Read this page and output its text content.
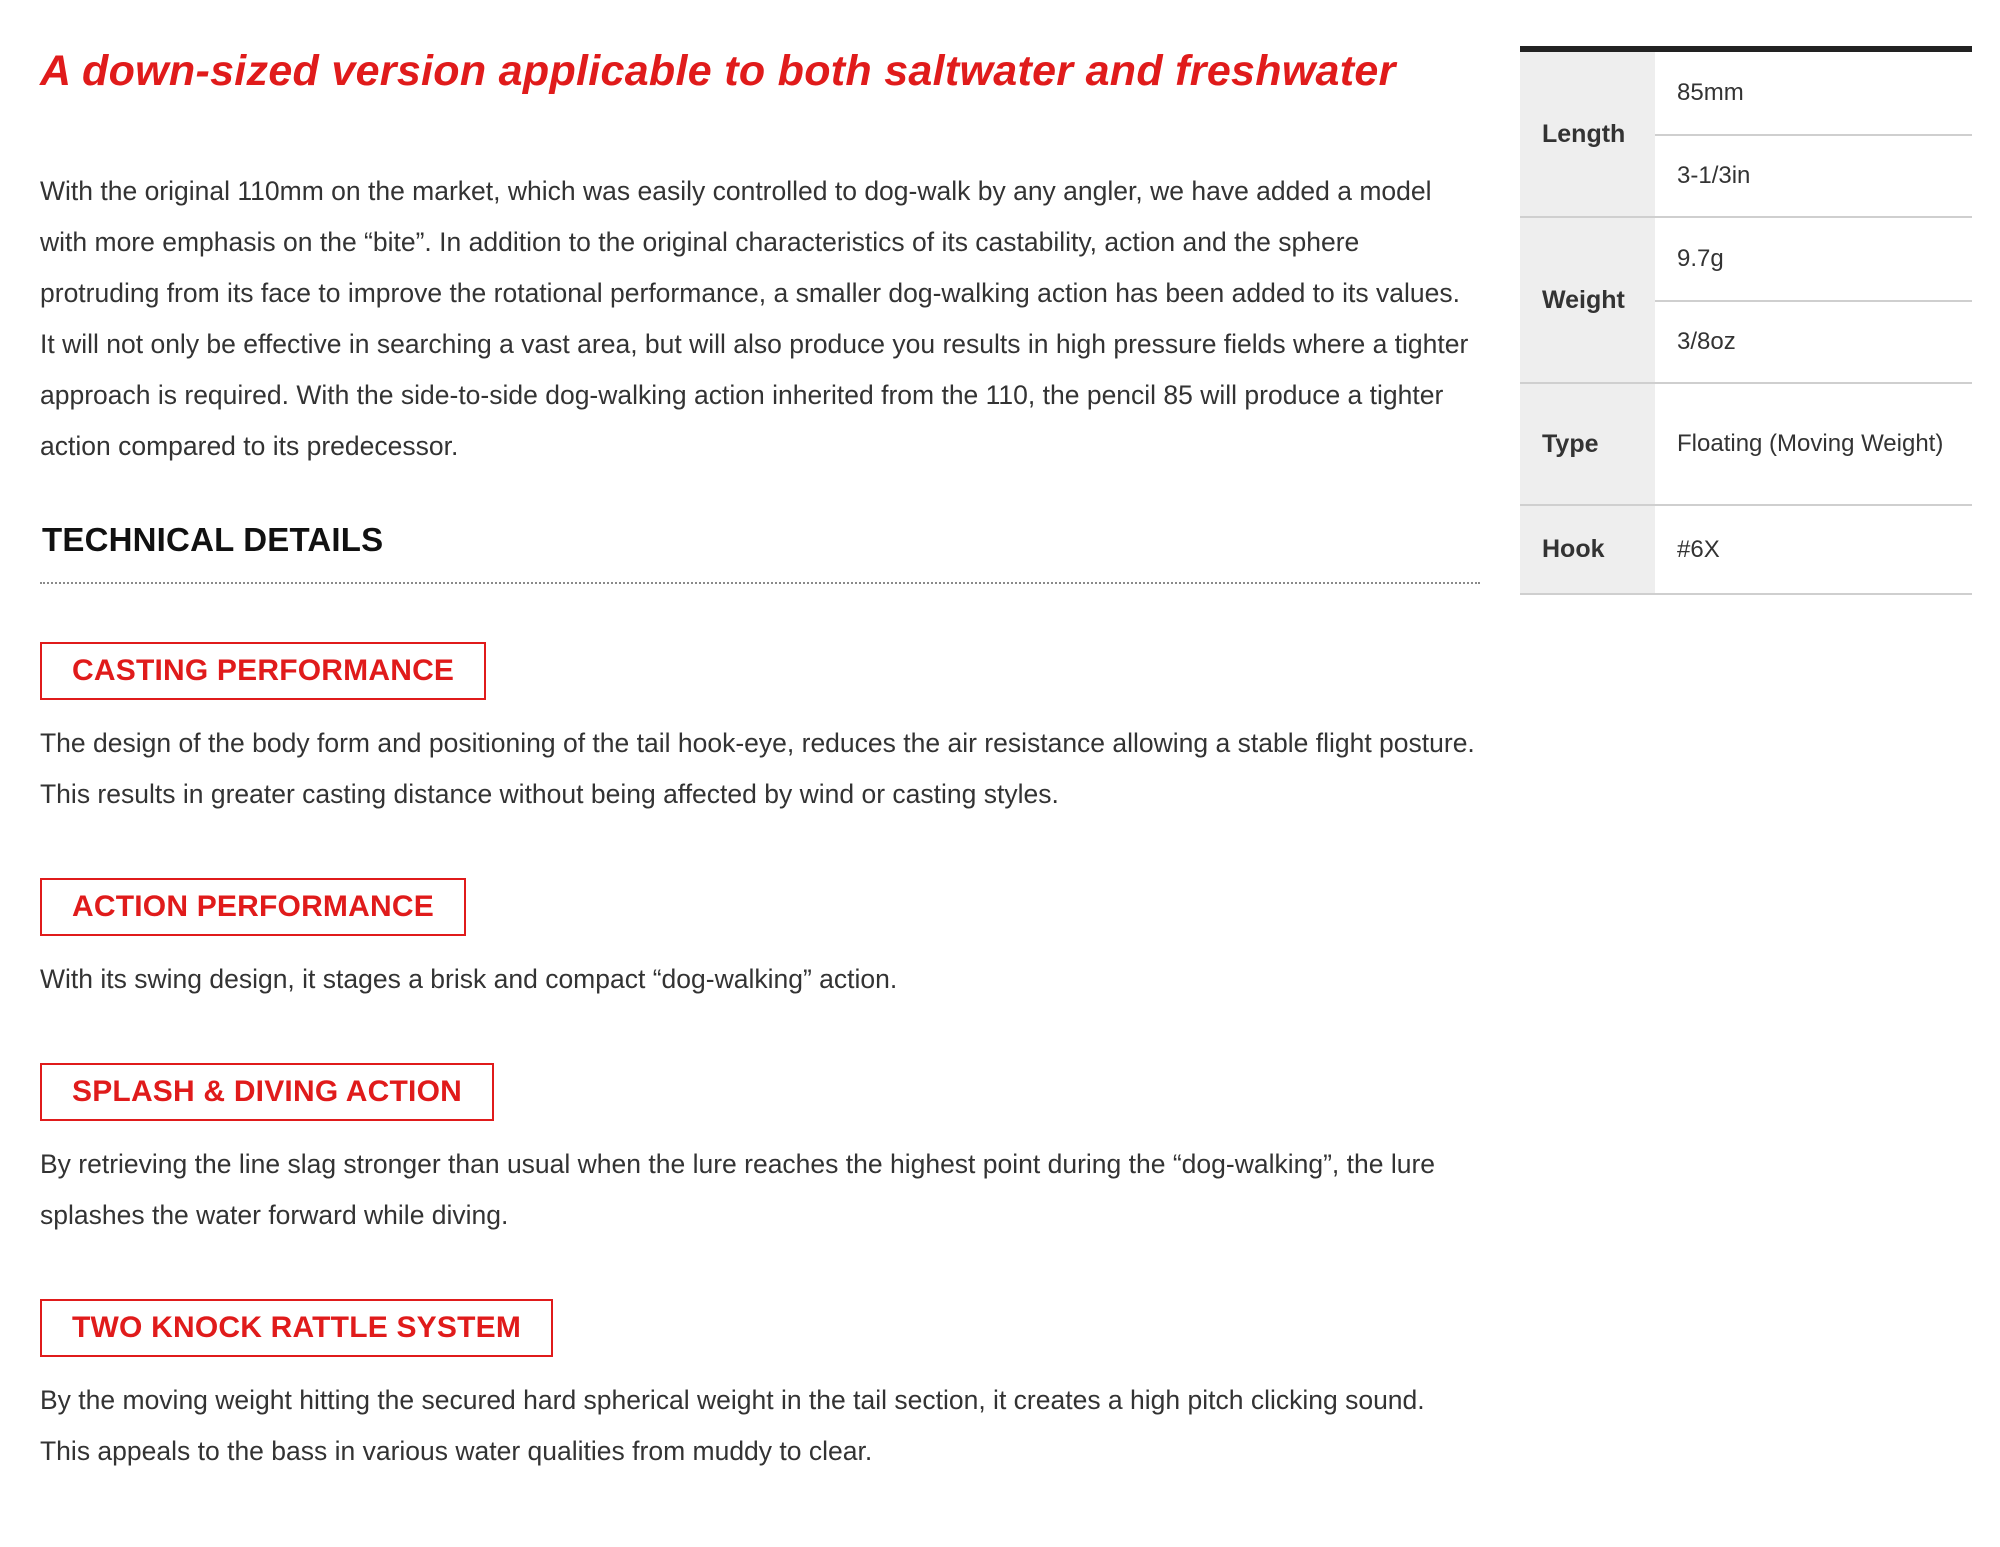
A down-sized version applicable to both saltwater and freshwater

With the original 110mm on the market, which was easily controlled to dog-walk by any angler, we have added a model with more emphasis on the “bite”. In addition to the original characteristics of its castability, action and the sphere protruding from its face to improve the rotational performance, a smaller dog-walking action has been added to its values. It will not only be effective in searching a vast area, but will also produce you results in high pressure fields where a tighter approach is required. With the side-to-side dog-walking action inherited from the 110, the pencil 85 will produce a tighter action compared to its predecessor.

TECHNICAL DETAILS
CASTING PERFORMANCE

The design of the body form and positioning of the tail hook-eye, reduces the air resistance allowing a stable flight posture. This results in greater casting distance without being affected by wind or casting styles.

ACTION PERFORMANCE

With its swing design, it stages a brisk and compact “dog-walking” action.

SPLASH & DIVING ACTION

By retrieving the line slag stronger than usual when the lure reaches the highest point during the “dog-walking”, the lure splashes the water forward while diving.

TWO KNOCK RATTLE SYSTEM

By the moving weight hitting the secured hard spherical weight in the tail section, it creates a high pitch clicking sound. This appeals to the bass in various water qualities from muddy to clear.

Length
85mm
3-1/3in
Weight
9.7g
3/8oz
Type	Floating (Moving Weight)
Hook	#6X
